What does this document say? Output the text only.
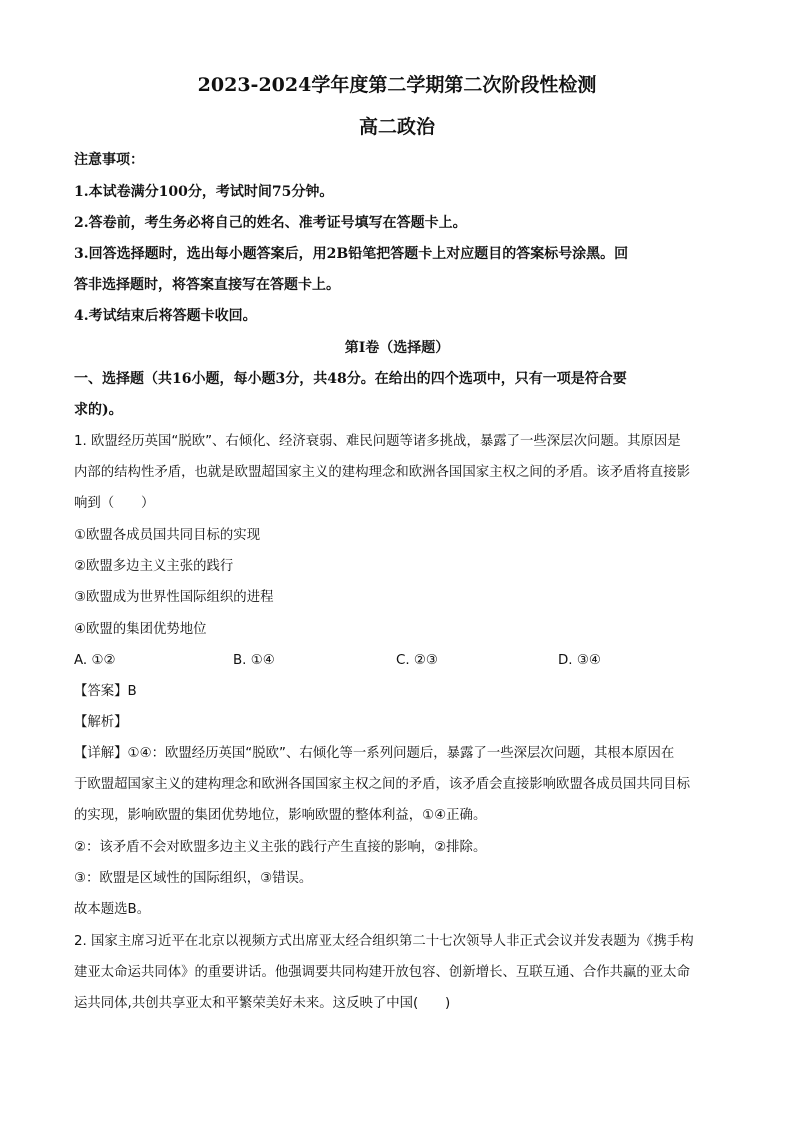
2023-2024学年度第二学期第二次阶段性检测
高二政治
注意事项：
1.本试卷满分100分，考试时间75分钟。
2.答卷前，考生务必将自己的姓名、准考证号填写在答题卡上。
3.回答选择题时，选出每小题答案后，用2B铅笔把答题卡上对应题目的答案标号涂黑。回
答非选择题时，将答案直接写在答题卡上。
4.考试结束后将答题卡收回。
第I卷（选择题）
一、选择题（共16小题，每小题3分，共48分。在给出的四个选项中，只有一项是符合要
求的)。
1. 欧盟经历英国“脱欧”、右倾化、经济衰弱、难民问题等诸多挑战，暴露了一些深层次问题。其原因是
内部的结构性矛盾，也就是欧盟超国家主义的建构理念和欧洲各国国家主权之间的矛盾。该矛盾将直接影
响到（　　）
①欧盟各成员国共同目标的实现
②欧盟多边主义主张的践行
③欧盟成为世界性国际组织的进程
④欧盟的集团优势地位
A. ①②	B. ①④	C. ②③	D. ③④
【答案】B
【解析】
【详解】①④：欧盟经历英国“脱欧”、右倾化等一系列问题后，暴露了一些深层次问题，其根本原因在
于欧盟超国家主义的建构理念和欧洲各国国家主权之间的矛盾，该矛盾会直接影响欧盟各成员国共同目标
的实现，影响欧盟的集团优势地位，影响欧盟的整体利益，①④正确。
②：该矛盾不会对欧盟多边主义主张的践行产生直接的影响，②排除。
③：欧盟是区域性的国际组织，③错误。
故本题选B。
2. 国家主席习近平在北京以视频方式出席亚太经合组织第二十七次领导人非正式会议并发表题为《携手构
建亚太命运共同体》的重要讲话。他强调要共同构建开放包容、创新增长、互联互通、合作共赢的亚太命
运共同体,共创共享亚太和平繁荣美好未来。这反映了中国(　　)
